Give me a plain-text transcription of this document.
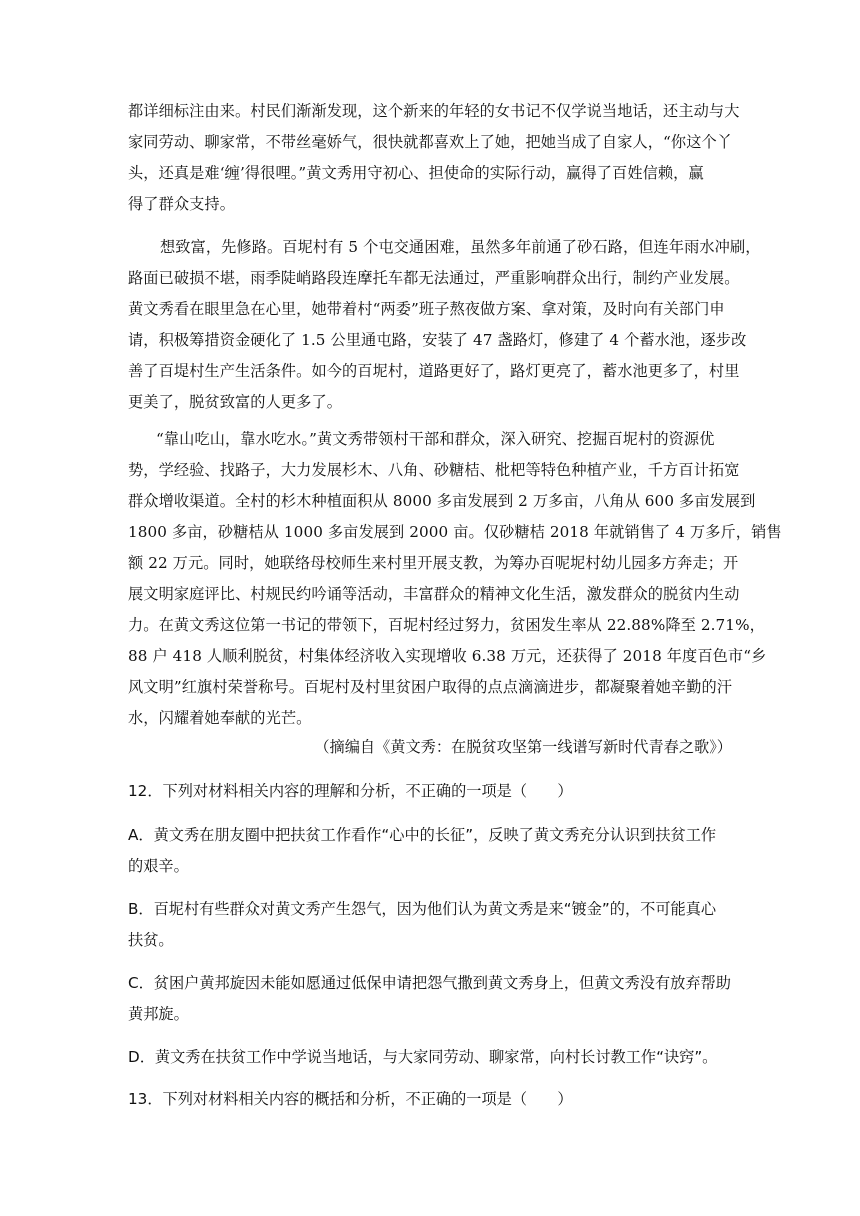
都详细标注由来。村民们渐渐发现，这个新来的年轻的女书记不仅学说当地话，还主动与大
家同劳动、聊家常，不带丝毫娇气，很快就都喜欢上了她，把她当成了自家人，“你这个丫
头，还真是难‘缠’得很哩。”黄文秀用守初心、担使命的实际行动，赢得了百姓信赖，赢
得了群众支持。
想致富，先修路。百坭村有 5 个屯交通困难，虽然多年前通了砂石路，但连年雨水冲刷，
路面已破损不堪，雨季陡峭路段连摩托车都无法通过，严重影响群众出行，制约产业发展。
黄文秀看在眼里急在心里，她带着村“两委”班子熬夜做方案、拿对策，及时向有关部门申
请，积极筹措资金硬化了 1.5 公里通屯路，安装了 47 盏路灯，修建了 4 个蓄水池，逐步改
善了百堤村生产生活条件。如今的百坭村，道路更好了，路灯更亮了，蓄水池更多了，村里
更美了，脱贫致富的人更多了。
“靠山吃山，靠水吃水。”黄文秀带领村干部和群众，深入研究、挖掘百坭村的资源优
势，学经验、找路子，大力发展杉木、八角、砂糖桔、枇杷等特色种植产业，千方百计拓宽
群众增收渠道。全村的杉木种植面积从 8000 多亩发展到 2 万多亩，八角从 600 多亩发展到
1800 多亩，砂糖桔从 1000 多亩发展到 2000 亩。仅砂糖桔 2018 年就销售了 4 万多斤，销售
额 22 万元。同时，她联络母校师生来村里开展支教，为筹办百呢坭村幼儿园多方奔走；开
展文明家庭评比、村规民约吟诵等活动，丰富群众的精神文化生活，激发群众的脱贫内生动
力。在黄文秀这位第一书记的带领下，百坭村经过努力，贫困发生率从 22.88%降至 2.71%，
88 户 418 人顺利脱贫，村集体经济收入实现增收 6.38 万元，还获得了 2018 年度百色市“乡
风文明”红旗村荣誉称号。百坭村及村里贫困户取得的点点滴滴进步，都凝聚着她辛勤的汗
水，闪耀着她奉献的光芒。
（摘编自《黄文秀：在脱贫攻坚第一线谱写新时代青春之歌》）
12．下列对材料相关内容的理解和分析，不正确的一项是（　　）
A．黄文秀在朋友圈中把扶贫工作看作“心中的长征”，反映了黄文秀充分认识到扶贫工作
的艰辛。
B．百坭村有些群众对黄文秀产生怨气，因为他们认为黄文秀是来“镀金”的，不可能真心
扶贫。
C．贫困户黄邦旋因未能如愿通过低保申请把怨气撒到黄文秀身上，但黄文秀没有放弃帮助
黄邦旋。
D．黄文秀在扶贫工作中学说当地话，与大家同劳动、聊家常，向村长讨教工作“诀窍”。
13．下列对材料相关内容的概括和分析，不正确的一项是（　　）
